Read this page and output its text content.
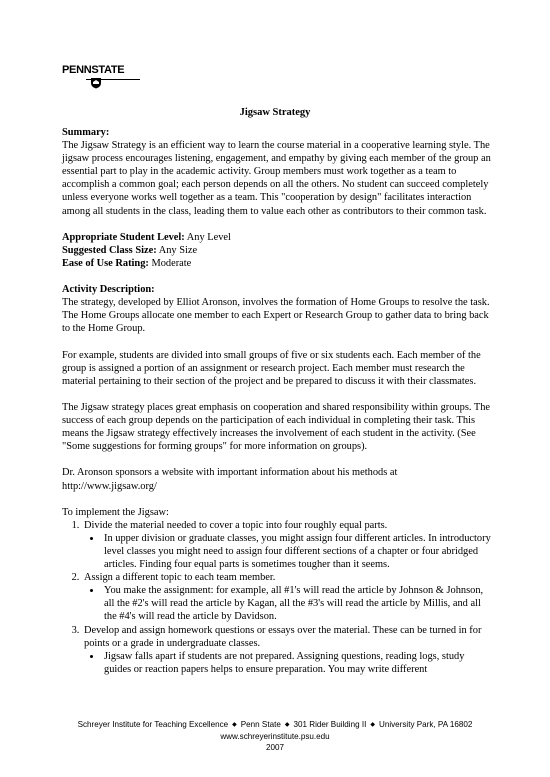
PENNSTATE
Jigsaw Strategy

Summary:

The Jigsaw Strategy is an efficient way to learn the course material in a cooperative learning style. The jigsaw process encourages listening, engagement, and empathy by giving each member of the group an essential part to play in the academic activity. Group members must work together as a team to accomplish a common goal; each person depends on all the others. No student can succeed completely unless everyone works well together as a team. This "cooperation by design" facilitates interaction among all students in the class, leading them to value each other as contributors to their common task.

Appropriate Student Level: Any Level

Suggested Class Size: Any Size

Ease of Use Rating: Moderate

Activity Description:

The strategy, developed by Elliot Aronson, involves the formation of Home Groups to resolve the task. The Home Groups allocate one member to each Expert or Research Group to gather data to bring back to the Home Group.

For example, students are divided into small groups of five or six students each. Each member of the group is assigned a portion of an assignment or research project. Each member must research the material pertaining to their section of the project and be prepared to discuss it with their classmates.

The Jigsaw strategy places great emphasis on cooperation and shared responsibility within groups. The success of each group depends on the participation of each individual in completing their task. This means the Jigsaw strategy effectively increases the involvement of each student in the activity. (See "Some suggestions for forming groups" for more information on groups).

Dr. Aronson sponsors a website with important information about his methods at http://www.jigsaw.org/

To implement the Jigsaw:

1. Divide the material needed to cover a topic into four roughly equal parts.
• In upper division or graduate classes, you might assign four different articles. In introductory level classes you might need to assign four different sections of a chapter or four abridged articles. Finding four equal parts is sometimes tougher than it seems.
2. Assign a different topic to each team member.
• You make the assignment: for example, all #1's will read the article by Johnson & Johnson, all the #2's will read the article by Kagan, all the #3's will read the article by Millis, and all the #4's will read the article by Davidson.
3. Develop and assign homework questions or essays over the material. These can be turned in for points or a grade in undergraduate classes.
• Jigsaw falls apart if students are not prepared. Assigning questions, reading logs, study guides or reaction papers helps to ensure preparation. You may write different
Schreyer Institute for Teaching Excellence ◆ Penn State ◆ 301 Rider Building II ◆ University Park, PA 16802
www.schreyerinstitute.psu.edu
2007
